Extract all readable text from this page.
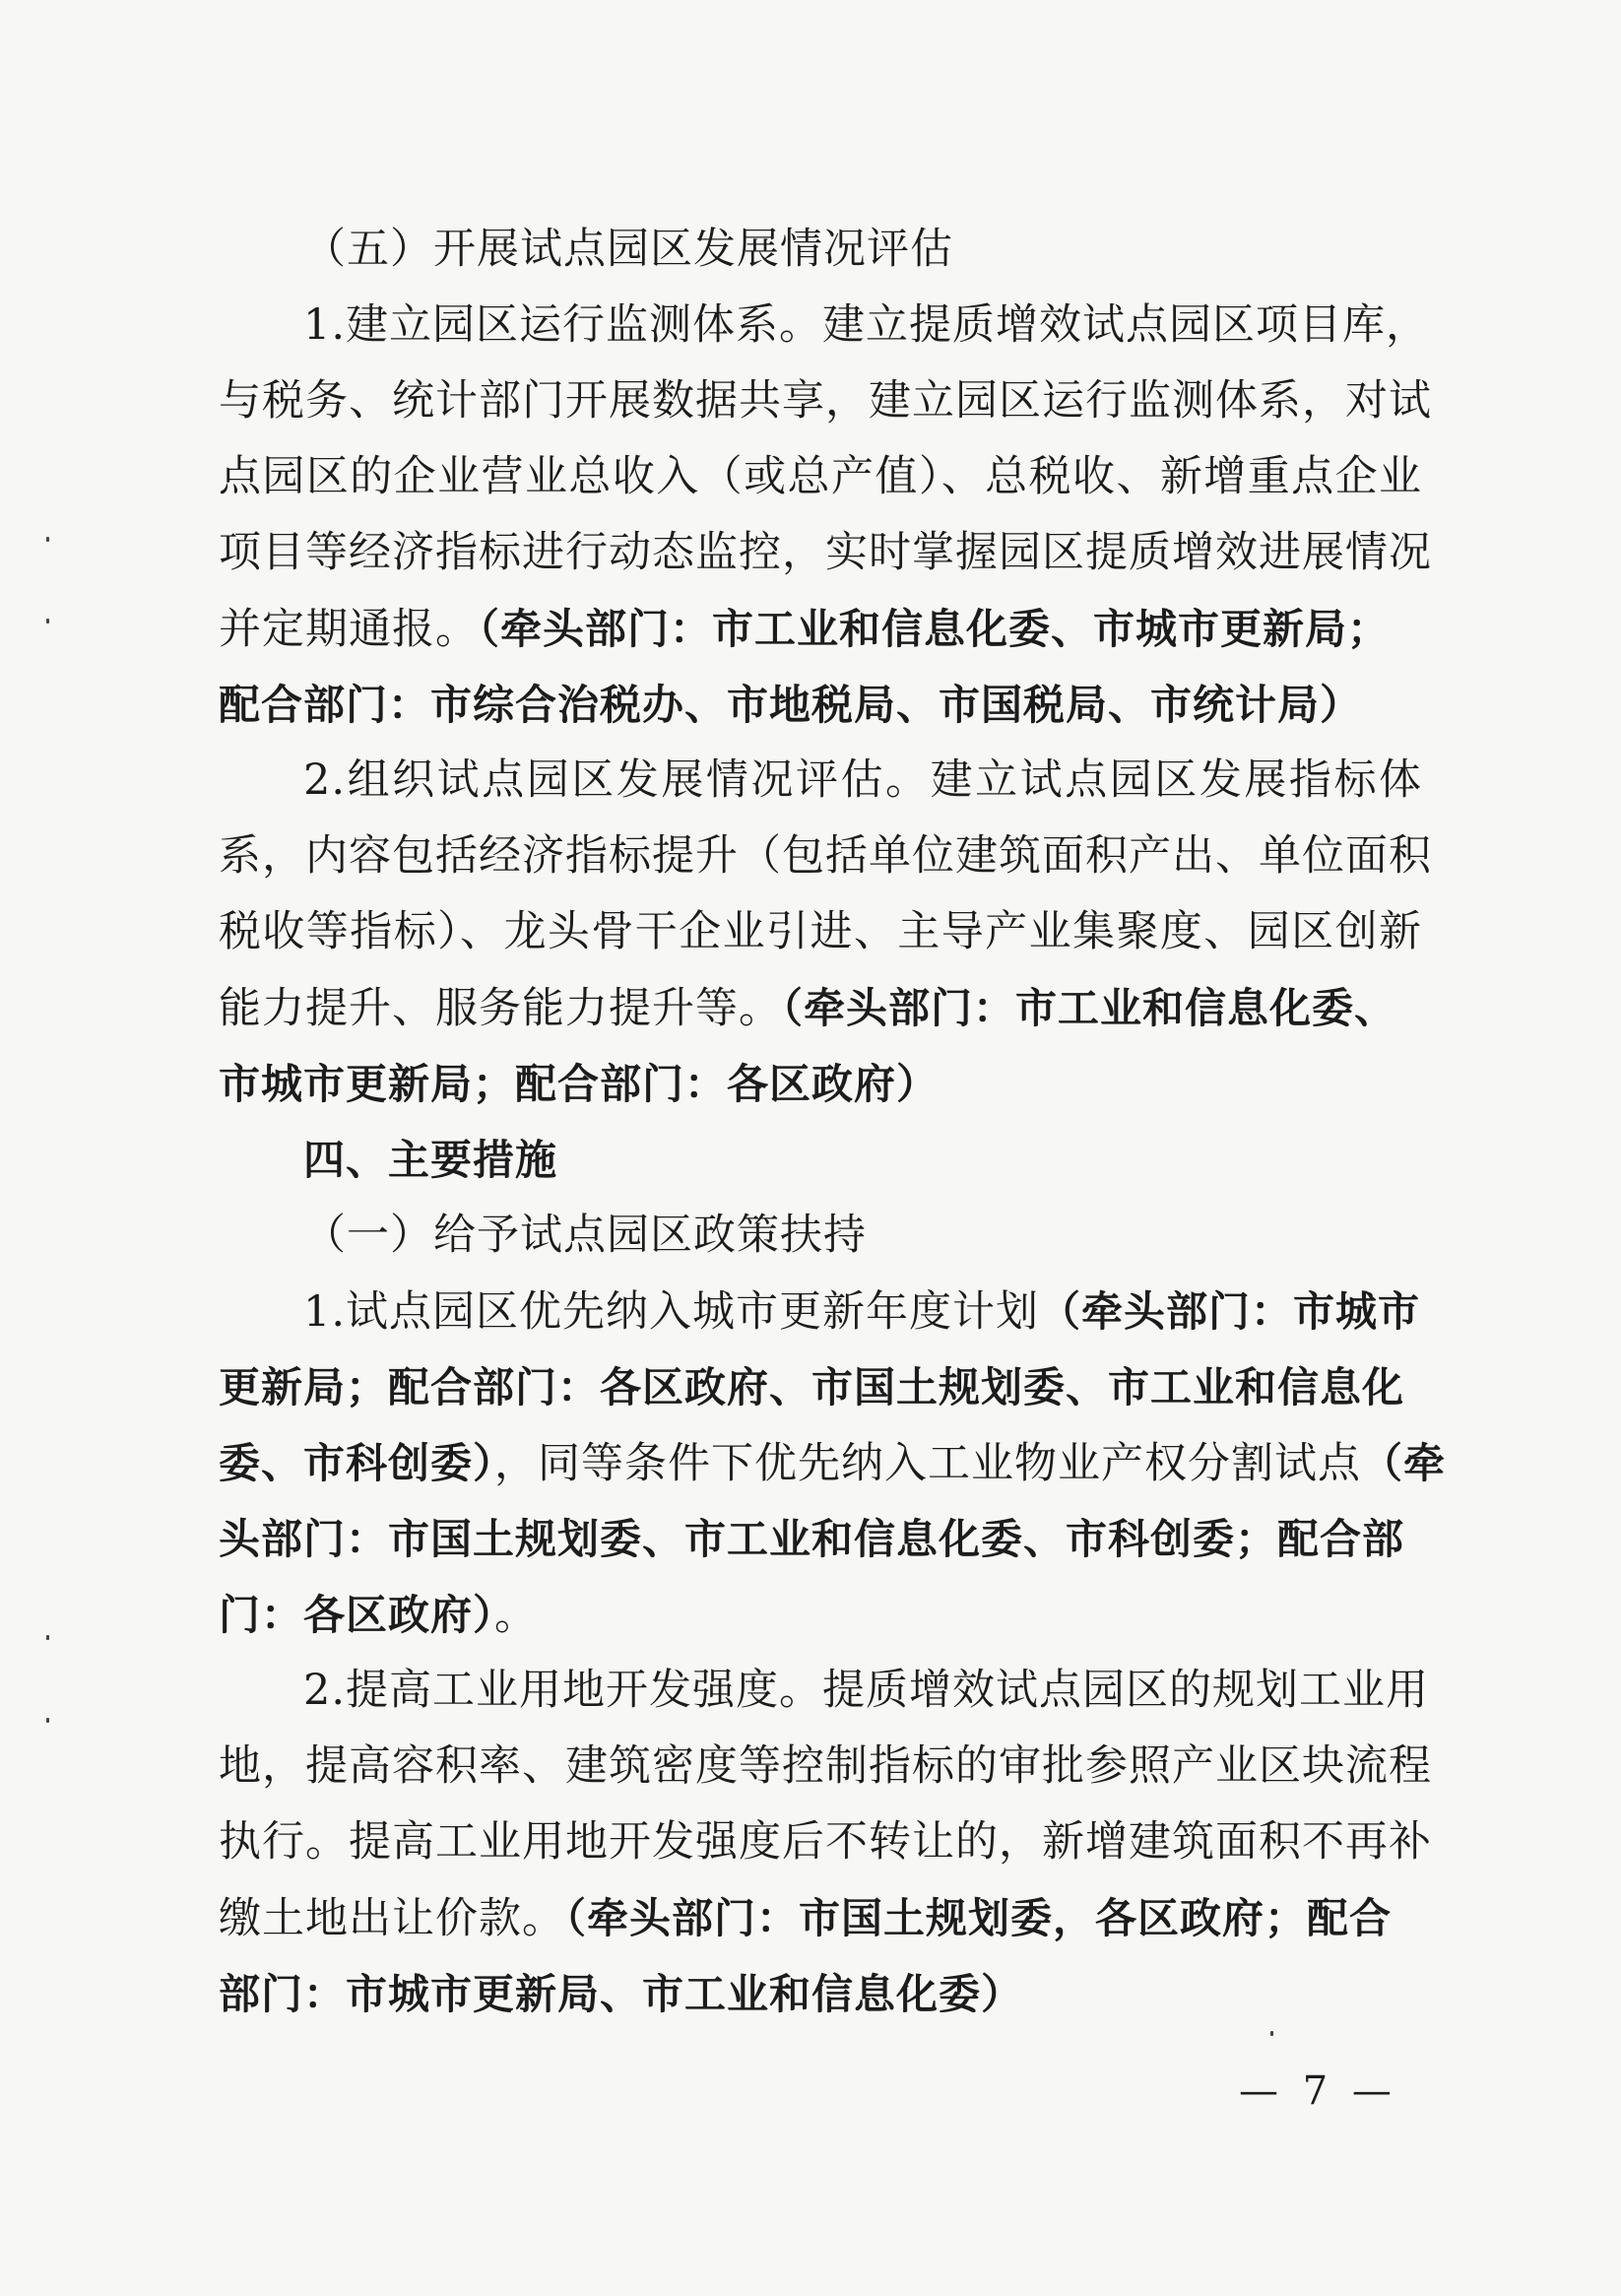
（五）开展试点园区发展情况评估
1.建立园区运行监测体系。建立提质增效试点园区项目库，
与税务、统计部门开展数据共享，建立园区运行监测体系，对试
点园区的企业营业总收入（或总产值）、总税收、新增重点企业
项目等经济指标进行动态监控，实时掌握园区提质增效进展情况
并定期通报。（牵头部门：市工业和信息化委、市城市更新局；
配合部门：市综合治税办、市地税局、市国税局、市统计局）
2.组织试点园区发展情况评估。建立试点园区发展指标体
系，内容包括经济指标提升（包括单位建筑面积产出、单位面积
税收等指标）、龙头骨干企业引进、主导产业集聚度、园区创新
能力提升、服务能力提升等。（牵头部门：市工业和信息化委、
市城市更新局；配合部门：各区政府）
四、主要措施
（一）给予试点园区政策扶持
1.试点园区优先纳入城市更新年度计划（牵头部门：市城市
更新局；配合部门：各区政府、市国土规划委、市工业和信息化
委、市科创委），同等条件下优先纳入工业物业产权分割试点（牵
头部门：市国土规划委、市工业和信息化委、市科创委；配合部
门：各区政府）。
2.提高工业用地开发强度。提质增效试点园区的规划工业用
地，提高容积率、建筑密度等控制指标的审批参照产业区块流程
执行。提高工业用地开发强度后不转让的，新增建筑面积不再补
缴土地出让价款。（牵头部门：市国土规划委，各区政府；配合
部门：市城市更新局、市工业和信息化委）
— 7 —
